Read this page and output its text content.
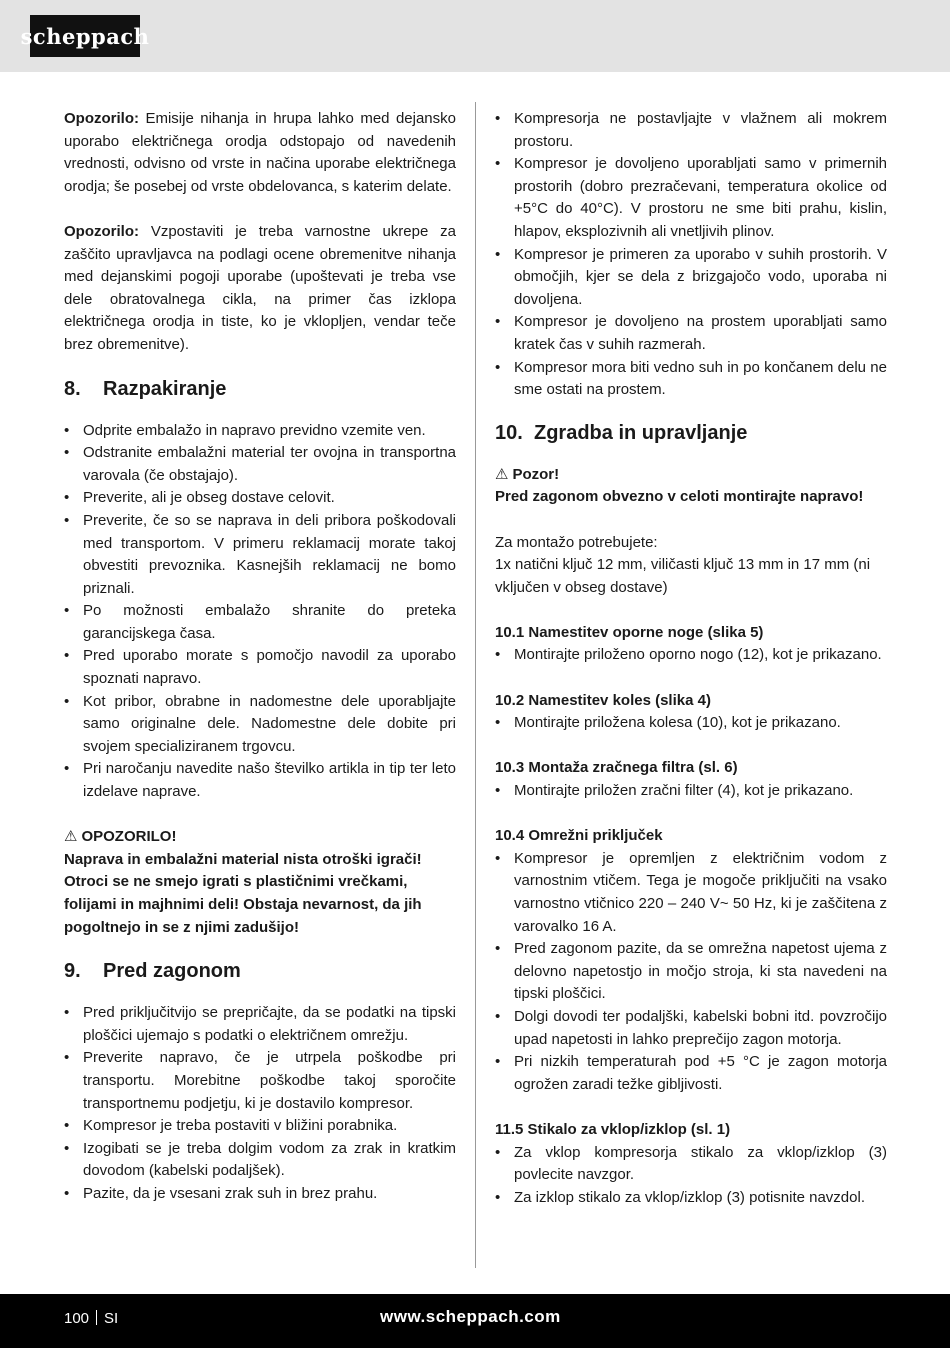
scheppach

Opozorilo: Emisije nihanja in hrupa lahko med dejansko uporabo električnega orodja odstopajo od navedenih vrednosti, odvisno od vrste in načina uporabe električnega orodja; še posebej od vrste obdelovanca, s katerim delate.

Opozorilo: Vzpostaviti je treba varnostne ukrepe za zaščito upravljavca na podlagi ocene obremenitve nihanja med dejanskimi pogoji uporabe (upoštevati je treba vse dele obratovalnega cikla, na primer čas izklopa električnega orodja in tiste, ko je vklopljen, vendar teče brez obremenitve).

8.	Razpakiranje
• Odprite embalažo in napravo previdno vzemite ven.
• Odstranite embalažni material ter ovojna in transportna varovala (če obstajajo).
• Preverite, ali je obseg dostave celovit.
• Preverite, če so se naprava in deli pribora poškodovali med transportom. V primeru reklamacij morate takoj obvestiti prevoznika. Kasnejših reklamacij ne bomo priznali.
• Po možnosti embalažo shranite do preteka garancijskega časa.
• Pred uporabo morate s pomočjo navodil za uporabo spoznati napravo.
• Kot pribor, obrabne in nadomestne dele uporabljajte samo originalne dele. Nadomestne dele dobite pri svojem specializiranem trgovcu.
• Pri naročanju navedite našo številko artikla in tip ter leto izdelave naprave.

⚠ OPOZORILO!

Naprava in embalažni material nista otroški igrači! Otroci se ne smejo igrati s plastičnimi vrečkami, folijami in majhnimi deli! Obstaja nevarnost, da jih pogoltnejo in se z njimi zadušijo!

9.	Pred zagonom
• Pred priključitvijo se prepričajte, da se podatki na tipski ploščici ujemajo s podatki o električnem omrežju.
• Preverite napravo, če je utrpela poškodbe pri transportu. Morebitne poškodbe takoj sporočite transportnemu podjetju, ki je dostavilo kompresor.
• Kompresor je treba postaviti v bližini porabnika.
• Izogibati se je treba dolgim vodom za zrak in kratkim dovodom (kabelski podaljšek).
• Pazite, da je vsesani zrak suh in brez prahu.
• Kompresorja ne postavljajte v vlažnem ali mokrem prostoru.
• Kompresor je dovoljeno uporabljati samo v primernih prostorih (dobro prezračevani, temperatura okolice od +5°C do 40°C). V prostoru ne sme biti prahu, kislin, hlapov, eksplozivnih ali vnetljivih plinov.
• Kompresor je primeren za uporabo v suhih prostorih. V območjih, kjer se dela z brizgajočo vodo, uporaba ni dovoljena.
• Kompresor je dovoljeno na prostem uporabljati samo kratek čas v suhih razmerah.
• Kompresor mora biti vedno suh in po končanem delu ne sme ostati na prostem.
10. Zgradba in upravljanje

⚠ Pozor!

Pred zagonom obvezno v celoti montirajte napravo!

Za montažo potrebujete:

1x natični ključ 12 mm, viličasti ključ 13 mm in 17 mm (ni vključen v obseg dostave)

10.1 Namestitev oporne noge (slika 5)

• Montirajte priloženo oporno nogo (12), kot je prikazano.

10.2 Namestitev koles (slika 4)

• Montirajte priložena kolesa (10), kot je prikazano.

10.3 Montaža zračnega filtra (sl. 6)

• Montirajte priložen zračni filter (4), kot je prikazano.

10.4 Omrežni priključek

• Kompresor je opremljen z električnim vodom z varnostnim vtičem. Tega je mogoče priključiti na vsako varnostno vtičnico 220 – 240 V~ 50 Hz, ki je zaščitena z varovalko 16 A.
• Pred zagonom pazite, da se omrežna napetost ujema z delovno napetostjo in močjo stroja, ki sta navedeni na tipski ploščici.
• Dolgi dovodi ter podaljški, kabelski bobni itd. povzročijo upad napetosti in lahko preprečijo zagon motorja.
• Pri nizkih temperaturah pod +5 °C je zagon motorja ogrožen zaradi težke gibljivosti.

11.5 Stikalo za vklop/izklop (sl. 1)

• Za vklop kompresorja stikalo za vklop/izklop (3) povlecite navzgor.
• Za izklop stikalo za vklop/izklop (3) potisnite navzdol.
100 SI	www.scheppach.com
